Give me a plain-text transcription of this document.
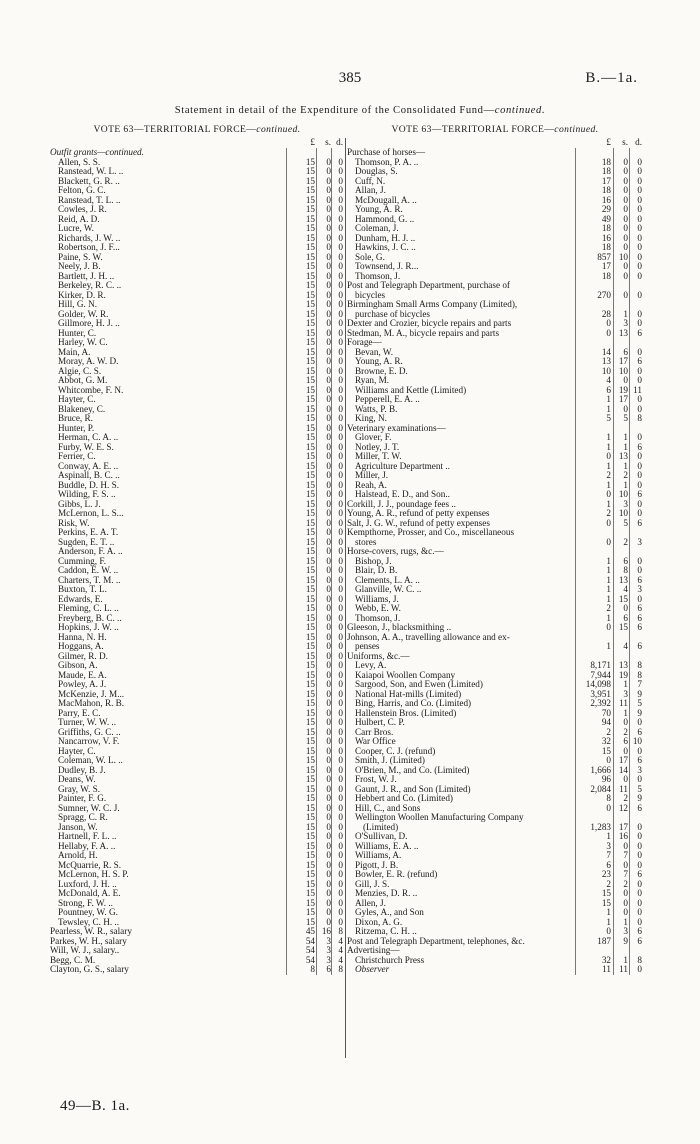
385	B.—1a.
Statement in detail of the Expenditure of the Consolidated Fund—continued.
VOTE 63—TERRITORIAL FORCE—continued.
£ s. d.
Outfit grants—continued.
Allen, S. S.	15 0 0
Ranstead, W. L. ..	15 0 0
Blackett, G. R. ..	15 0 0
Felton, G. C.	15 0 0
Ranstead, T. L. ..	15 0 0
Cowles, J. R.	15 0 0
Reid, A. D.	15 0 0
Lucre, W.	15 0 0
Richards, J. W. ..	15 0 0
Robertson, J. F...	15 0 0
Paine, S. W.	15 0 0
Neely, J. B.	15 0 0
Bartlett, J. H. ..	15 0 0
Berkeley, R. C. ..	15 0 0
Kirker, D. R.	15 0 0
Hill, G. N.	15 0 0
Golder, W. R.	15 0 0
Gillmore, H. J. ..	15 0 0
Hunter, C.	15 0 0
Harley, W. C.	15 0 0
Main, A.	15 0 0
Moray, A. W. D.	15 0 0
Algie, C. S.	15 0 0
Abbot, G. M.	15 0 0
Whitcombe, F. N.	15 0 0
Hayter, C.	15 0 0
Blakeney, C.	15 0 0
Bruce, R.	15 0 0
Hunter, P.	15 0 0
Herman, C. A. ..	15 0 0
Furby, W. E. S.	15 0 0
Ferrier, C.	15 0 0
Conway, A. E. ..	15 0 0
Aspinall, B. C. ..	15 0 0
Buddle, D. H. S.	15 0 0
Wilding, F. S. ..	15 0 0
Gibbs, L. J.	15 0 0
McLernon, L. S...	15 0 0
Risk, W.	15 0 0
Perkins, E. A. T.	15 0 0
Sugden, E. T. ..	15 0 0
Anderson, F. A. ..	15 0 0
Cumming, F.	15 0 0
Caddon, E. W. ..	15 0 0
Charters, T. M. ..	15 0 0
Buxton, T. L.	15 0 0
Edwards, E.	15 0 0
Fleming, C. L. ..	15 0 0
Freyberg, B. C. ..	15 0 0
Hopkins, J. W. ..	15 0 0
Hanna, N. H.	15 0 0
Hoggans, A.	15 0 0
Gilmer, R. D.	15 0 0
Gibson, A.	15 0 0
Maude, E. A.	15 0 0
Powley, A. J.	15 0 0
McKenzie, J. M...	15 0 0
MacMahon, R. B.	15 0 0
Parry, E. C.	15 0 0
Turner, W. W. ..	15 0 0
Griffiths, G. C. ..	15 0 0
Nancarrow, V. F.	15 0 0
Hayter, C.	15 0 0
Coleman, W. L. ..	15 0 0
Dudley, B. J.	15 0 0
Deans, W.	15 0 0
Gray, W. S.	15 0 0
Painter, F. G.	15 0 0
Sumner, W. C. J.	15 0 0
Spragg, C. R.	15 0 0
Janson, W.	15 0 0
Hartnell, F. L. ..	15 0 0
Hellaby, F. A. ..	15 0 0
Arnold, H.	15 0 0
McQuarrie, R. S.	15 0 0
McLernon, H. S. P.	15 0 0
Luxford, J. H. ..	15 0 0
McDonald, A. E.	15 0 0
Strong, F. W. ..	15 0 0
Pountney, W. G.	15 0 0
Tewsley, C. H. ..	15 0 0
Pearless, W. R., salary	45 16 8
Parkes, W. H., salary	54 3 4
Will, W. J., salary..	54 3 4
Begg, C. M.	54 3 4
Clayton, G. S., salary	8 6 8
VOTE 63—TERRITORIAL FORCE—continued.
£ s. d.
Purchase of horses—
Thomson, P. A. ..	18 0 0
Douglas, S.	18 0 0
Cuff, N.	17 0 0
Allan, J.	18 0 0
McDougall, A. ..	16 0 0
Young, A. R.	29 0 0
Hammond, G. ..	49 0 0
Coleman, J.	18 0 0
Dunham, H. J. ..	16 0 0
Hawkins, J. C. ..	18 0 0
Sole, G.	857 10 0
Townsend, J. R...	17 0 0
Thomson, J.	18 0 0
Post and Telegraph Department, purchase of
bicycles	270 0 0
Birmingham Small Arms Company (Limited),
purchase of bicycles	28 1 0
Dexter and Crozier, bicycle repairs and parts	0 3 0
Stedman, M. A., bicycle repairs and parts	0 13 6
Forage—
Bevan, W.	14 6 0
Young, A. R.	13 17 6
Browne, E. D.	10 10 0
Ryan, M.	4 0 0
Williams and Kettle (Limited)	6 19 11
Pepperell, E. A. ..	1 17 0
Watts, P. B.	1 0 0
King, N.	5 5 8
Veterinary examinations—
Glover, F.	1 1 0
Notley, J. T.	1 1 6
Miller, T. W.	0 13 0
Agriculture Department ..	1 1 0
Miller, J.	2 2 0
Reah, A.	1 1 0
Halstead, E. D., and Son..	0 10 6
Corkill, J. J., poundage fees ..	1 3 0
Young, A. R., refund of petty expenses	2 10 0
Salt, J. G. W., refund of petty expenses	0 5 6
Kempthorne, Prosser, and Co., miscellaneous
stores	0 2 3
Horse-covers, rugs, &c.—
Bishop, J.	1 6 0
Blair, D. B.	1 8 0
Clements, L. A. ..	1 13 6
Glanville, W. C. ..	1 4 3
Williams, J.	1 15 0
Webb, E. W.	2 0 6
Thomson, J.	1 6 6
Gleeson, J., blacksmithing ..	0 15 6
Johnson, A. A., travelling allowance and ex-
penses	1 4 6
Uniforms, &c.—
Levy, A.	8,171 13 8
Kaiapoi Woollen Company	7,944 19 8
Sargood, Son, and Ewen (Limited)	14,098 1 7
National Hat-mills (Limited)	3,951 3 9
Bing, Harris, and Co. (Limited)	2,392 11 5
Hallenstein Bros. (Limited)	70 1 9
Hulbert, C. P.	94 0 0
Carr Bros.	2 2 6
War Office	32 6 10
Cooper, C. J. (refund)	15 0 0
Smith, J. (Limited)	0 17 6
O'Brien, M., and Co. (Limited)	1,666 14 3
Frost, W. J.	96 0 0
Gaunt, J. R., and Son (Limited)	2,084 11 5
Hebbert and Co. (Limited)	8 2 9
Hill, C., and Sons	0 12 6
Wellington Woollen Manufacturing Company
(Limited)	1,283 17 0
O'Sullivan, D.	1 16 0
Williams, E. A. ..	3 0 0
Williams, A.	7 7 0
Pigott, J. B.	6 0 0
Bowler, E. R. (refund)	23 7 6
Gill, J. S.	2 2 0
Menzies, D. R. ..	15 0 0
Allen, J.	15 0 0
Gyles, A., and Son	1 0 0
Dixon, A. G.	1 1 0
Ritzema, C. H. ..	0 3 6
Post and Telegraph Department, telephones, &c.	187 9 6
Advertising—
Christchurch Press	32 1 8
Observer	11 11 0
49—B. 1a.
